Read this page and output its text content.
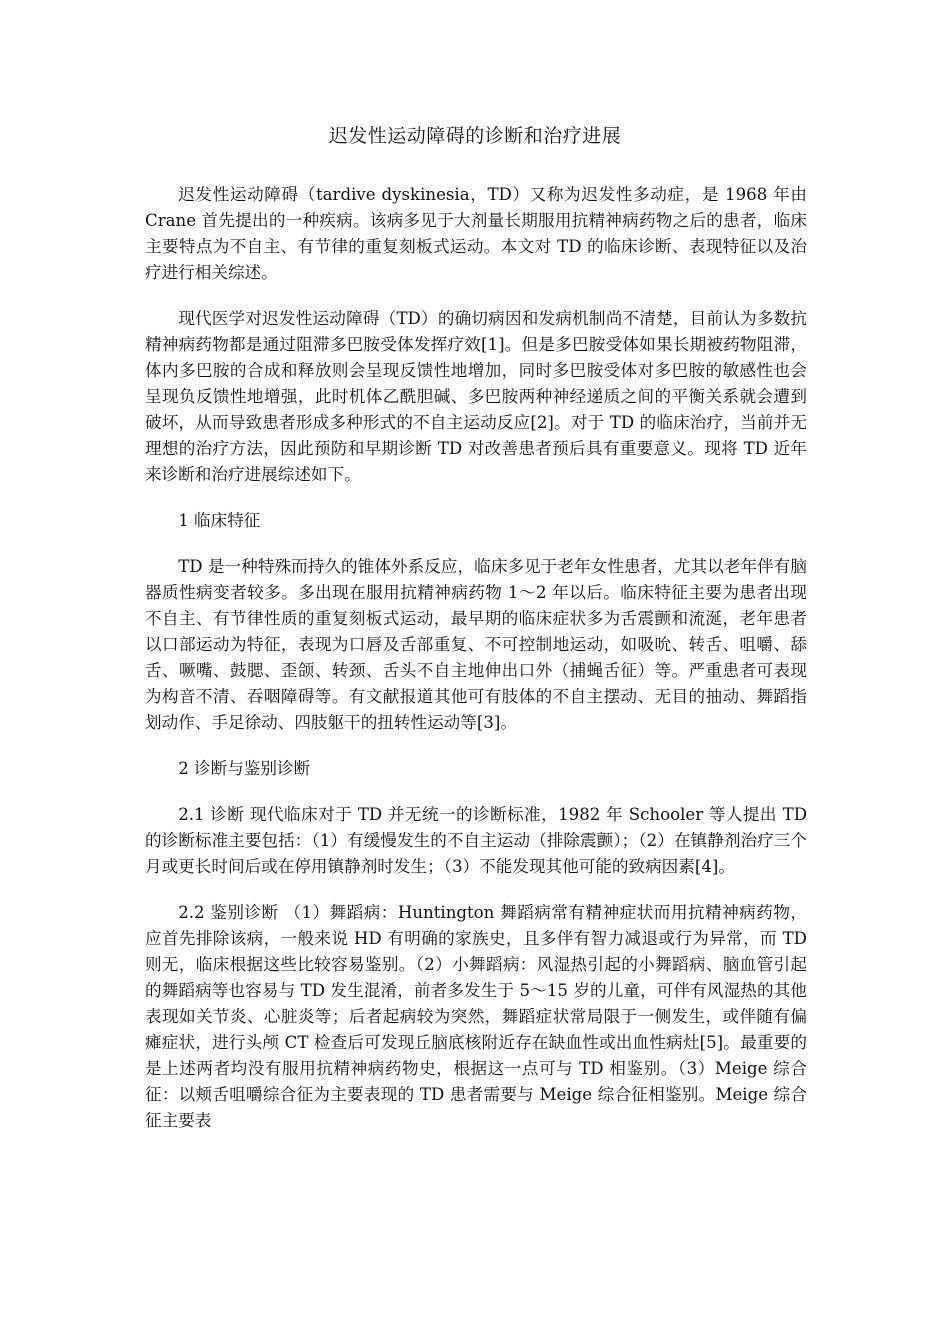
迟发性运动障碍的诊断和治疗进展

迟发性运动障碍（tardive dyskinesia，TD）又称为迟发性多动症，是 1968 年由 Crane 首先提出的一种疾病。该病多见于大剂量长期服用抗精神病药物之后的患者，临床主要特点为不自主、有节律的重复刻板式运动。本文对 TD 的临床诊断、表现特征以及治疗进行相关综述。

现代医学对迟发性运动障碍（TD）的确切病因和发病机制尚不清楚，目前认为多数抗精神病药物都是通过阻滞多巴胺受体发挥疗效[1]。但是多巴胺受体如果长期被药物阻滞，体内多巴胺的合成和释放则会呈现反馈性地增加，同时多巴胺受体对多巴胺的敏感性也会呈现负反馈性地增强，此时机体乙酰胆碱、多巴胺两种神经递质之间的平衡关系就会遭到破坏，从而导致患者形成多种形式的不自主运动反应[2]。对于 TD 的临床治疗，当前并无理想的治疗方法，因此预防和早期诊断 TD 对改善患者预后具有重要意义。现将 TD 近年来诊断和治疗进展综述如下。

1 临床特征

TD 是一种特殊而持久的锥体外系反应，临床多见于老年女性患者，尤其以老年伴有脑器质性病变者较多。多出现在服用抗精神病药物 1～2 年以后。临床特征主要为患者出现不自主、有节律性质的重复刻板式运动，最早期的临床症状多为舌震颤和流涎，老年患者以口部运动为特征，表现为口唇及舌部重复、不可控制地运动，如吸吮、转舌、咀嚼、舔舌、噘嘴、鼓腮、歪颌、转颈、舌头不自主地伸出口外（捕蝇舌征）等。严重患者可表现为构音不清、吞咽障碍等。有文献报道其他可有肢体的不自主摆动、无目的抽动、舞蹈指划动作、手足徐动、四肢躯干的扭转性运动等[3]。

2 诊断与鉴别诊断

2.1 诊断 现代临床对于 TD 并无统一的诊断标准，1982 年 Schooler 等人提出 TD 的诊断标准主要包括：（1）有缓慢发生的不自主运动（排除震颤）；（2）在镇静剂治疗三个月或更长时间后或在停用镇静剂时发生；（3）不能发现其他可能的致病因素[4]。

2.2 鉴别诊断 （1）舞蹈病：Huntington 舞蹈病常有精神症状而用抗精神病药物，应首先排除该病，一般来说 HD 有明确的家族史，且多伴有智力减退或行为异常，而 TD 则无，临床根据这些比较容易鉴别。（2）小舞蹈病：风湿热引起的小舞蹈病、脑血管引起的舞蹈病等也容易与 TD 发生混淆，前者多发生于 5～15 岁的儿童，可伴有风湿热的其他表现如关节炎、心脏炎等；后者起病较为突然，舞蹈症状常局限于一侧发生，或伴随有偏瘫症状，进行头颅 CT 检查后可发现丘脑底核附近存在缺血性或出血性病灶[5]。最重要的是上述两者均没有服用抗精神病药物史，根据这一点可与 TD 相鉴别。（3）Meige 综合征：以颊舌咀嚼综合征为主要表现的 TD 患者需要与 Meige 综合征相鉴别。Meige 综合征主要表
